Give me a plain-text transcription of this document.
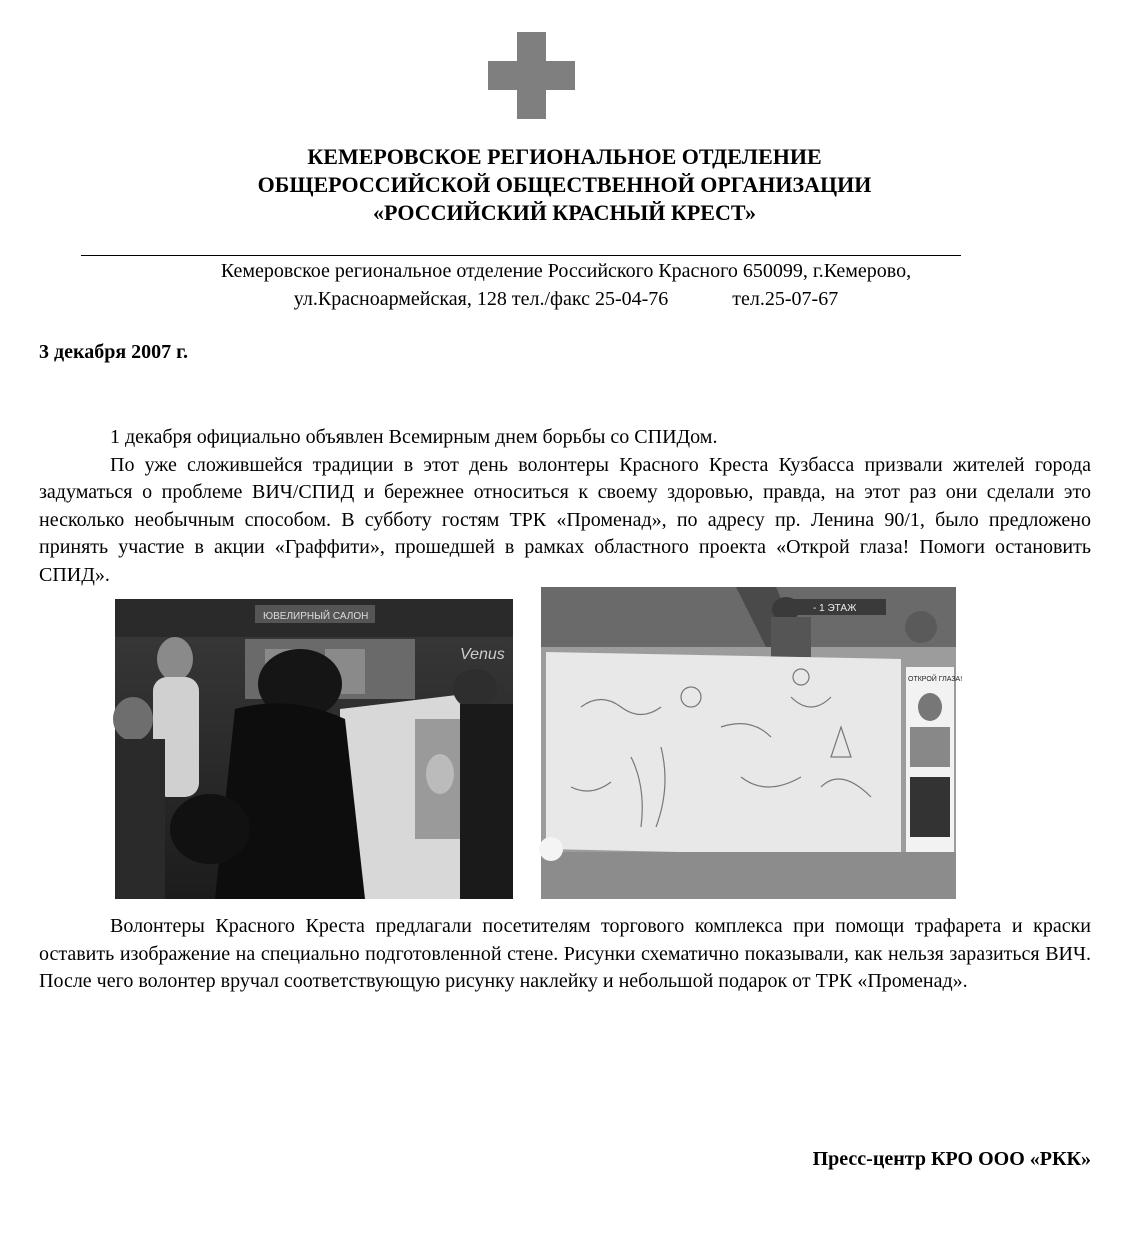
КЕМЕРОВСКОЕ РЕГИОНАЛЬНОЕ ОТДЕЛЕНИЕ
ОБЩЕРОССИЙСКОЙ ОБЩЕСТВЕННОЙ ОРГАНИЗАЦИИ
«РОССИЙСКИЙ КРАСНЫЙ КРЕСТ»
Кемеровское региональное отделение Российского Красного 650099, г.Кемерово,
ул.Красноармейская, 128 тел./факс 25-04-76	тел.25-07-67
3 декабря 2007 г.

1 декабря официально объявлен Всемирным днем борьбы со СПИДом.

По уже сложившейся традиции в этот день волонтеры Красного Креста Кузбасса призвали жителей города задуматься о проблеме ВИЧ/СПИД и бережнее относиться к своему здоровью, правда, на этот раз они сделали это несколько необычным способом. В субботу гостям ТРК «Променад», по адресу пр. Ленина 90/1, было предложено принять участие в акции «Граффити», прошедшей в рамках областного проекта «Открой глаза! Помоги остановить СПИД».

ЮВЕЛИРНЫЙ САЛОН
Venus
- 1 ЭТАЖ
ОТКРОЙ ГЛАЗА!

Волонтеры Красного Креста предлагали посетителям торгового комплекса при помощи трафарета и краски оставить изображение на специально подготовленной стене. Рисунки схематично показывали, как нельзя заразиться ВИЧ. После чего волонтер вручал соответствующую рисунку наклейку и небольшой подарок от ТРК «Променад».

Пресс-центр КРО ООО «РКК»
